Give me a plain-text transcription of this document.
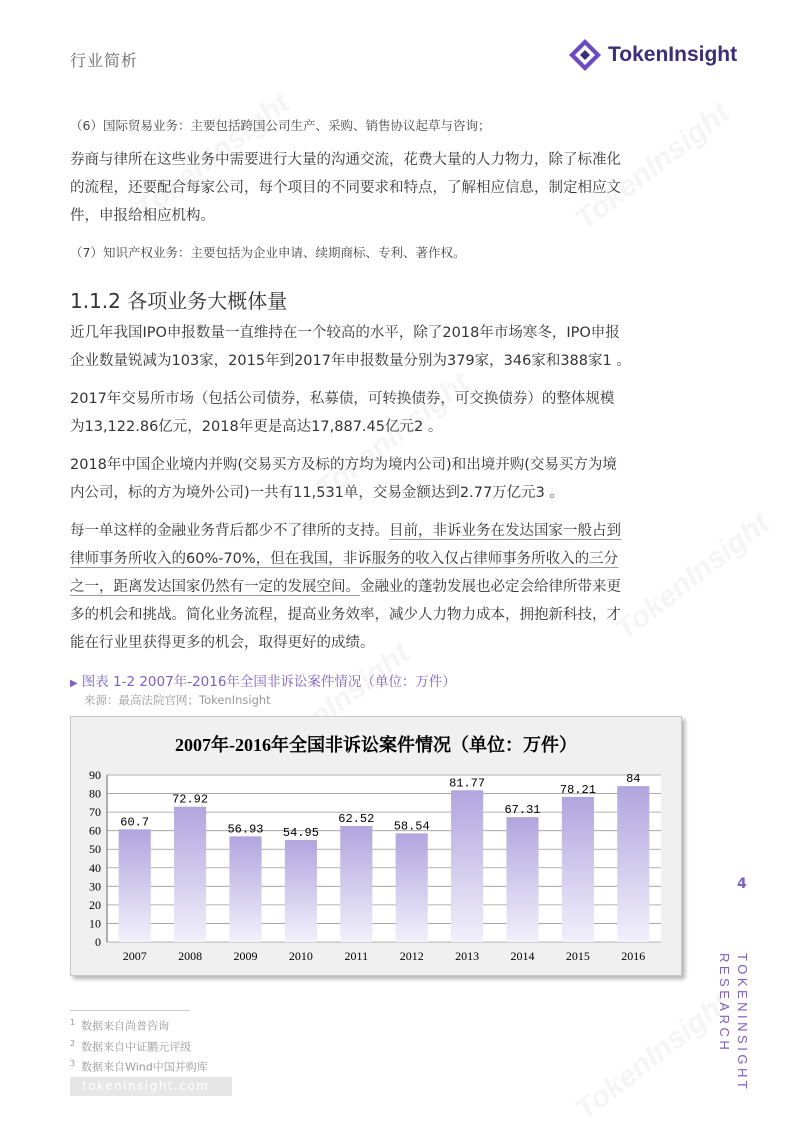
行业简析	TokenInsight
（6）国际贸易业务：主要包括跨国公司生产、采购、销售协议起草与咨询；
券商与律所在这些业务中需要进行大量的沟通交流，花费大量的人力物力，除了标准化
的流程，还要配合每家公司，每个项目的不同要求和特点，了解相应信息，制定相应文
件，申报给相应机构。
（7）知识产权业务：主要包括为企业申请、续期商标、专利、著作权。
1.1.2 各项业务大概体量
近几年我国IPO申报数量一直维持在一个较高的水平，除了2018年市场寒冬，IPO申报
企业数量锐减为103家，2015年到2017年申报数量分别为379家，346家和388家1 。
2017年交易所市场（包括公司债券，私募债，可转换债券，可交换债券）的整体规模
为13,122.86亿元，2018年更是高达17,887.45亿元2 。
2018年中国企业境内并购(交易买方及标的方均为境内公司)和出境并购(交易买方为境
内公司，标的方为境外公司)一共有11,531单，交易金额达到2.77万亿元3 。
每一单这样的金融业务背后都少不了律所的支持。目前，非诉业务在发达国家一般占到
律师事务所收入的60%-70%，但在我国，非诉服务的收入仅占律师事务所收入的三分
之一，距离发达国家仍然有一定的发展空间。金融业的蓬勃发展也必定会给律所带来更
多的机会和挑战。简化业务流程，提高业务效率，减少人力物力成本，拥抱新科技，才
能在行业里获得更多的机会，取得更好的成绩。
▶ 图表 1-2 2007年-2016年全国非诉讼案件情况（单位：万件）
来源：最高法院官网；TokenInsight
2007年-2016年全国非诉讼案件情况（单位：万件）
0
10
20
30
40
50
60
70
80
90
60.7
2007
72.92
2008
56.93
2009
54.95
2010
62.52
2011
58.54
2012
81.77
2013
67.31
2014
78.21
2015
84
2016
$^1$ 数据来自尚普咨询
$^2$ 数据来自中证鹏元评级
$^3$ 数据来自Wind中国并购库
tokeninsight.com
4
TOKENINSIGHT
RESEARCH
